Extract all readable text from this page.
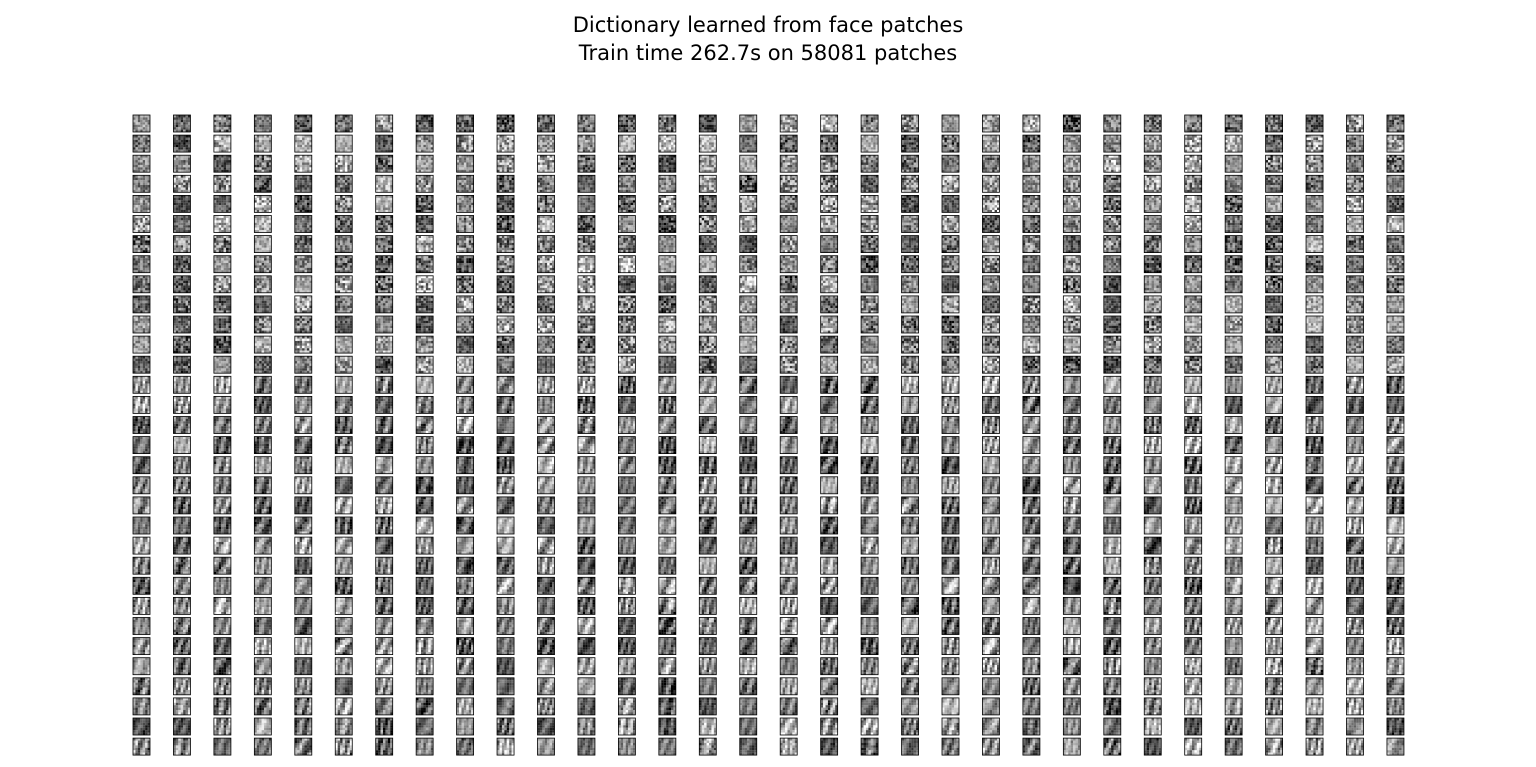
Dictionary learned from face patches
Train time 262.7s on 58081 patches
